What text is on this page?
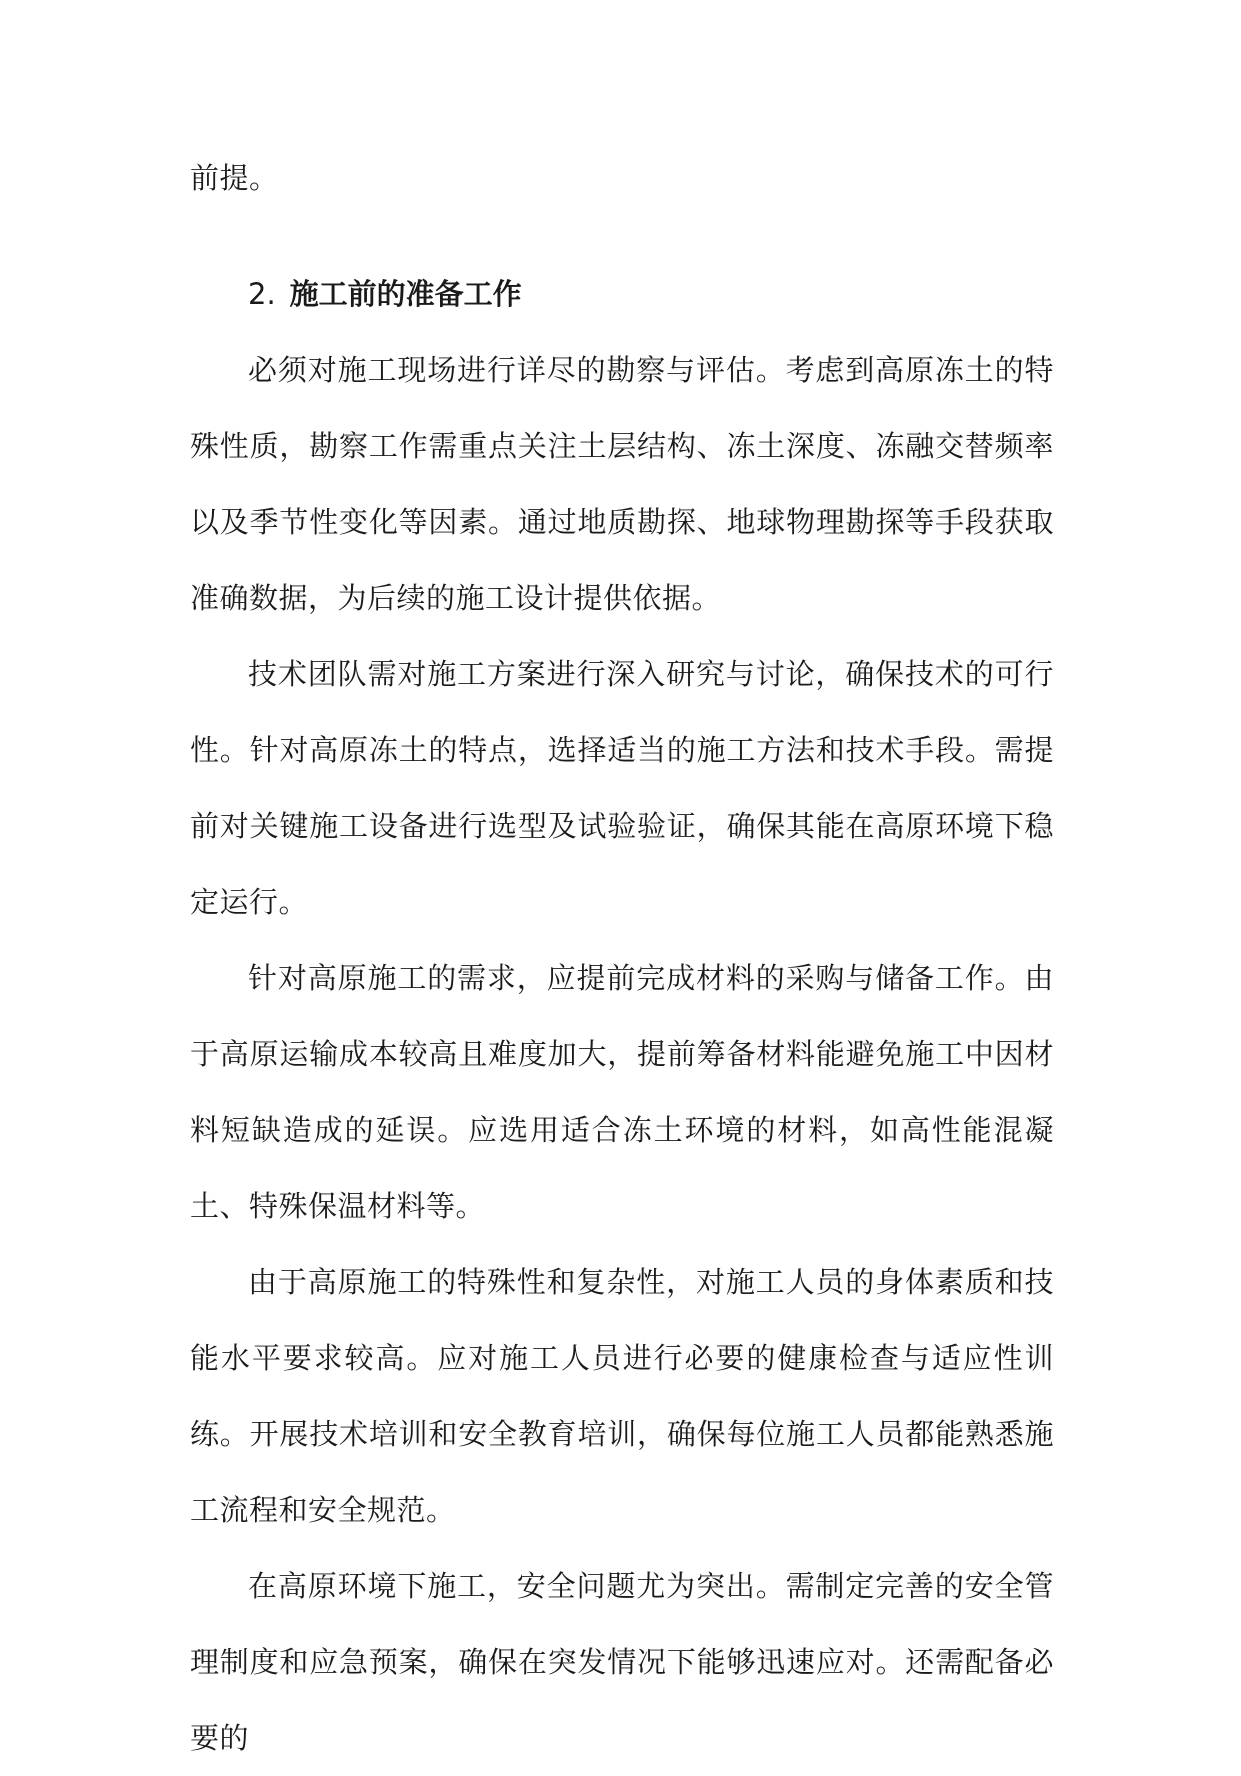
前提。

2. 施工前的准备工作

必须对施工现场进行详尽的勘察与评估。考虑到高原冻土的特殊性质，勘察工作需重点关注土层结构、冻土深度、冻融交替频率以及季节性变化等因素。通过地质勘探、地球物理勘探等手段获取准确数据，为后续的施工设计提供依据。

技术团队需对施工方案进行深入研究与讨论，确保技术的可行性。针对高原冻土的特点，选择适当的施工方法和技术手段。需提前对关键施工设备进行选型及试验验证，确保其能在高原环境下稳定运行。

针对高原施工的需求，应提前完成材料的采购与储备工作。由于高原运输成本较高且难度加大，提前筹备材料能避免施工中因材料短缺造成的延误。应选用适合冻土环境的材料，如高性能混凝土、特殊保温材料等。

由于高原施工的特殊性和复杂性，对施工人员的身体素质和技能水平要求较高。应对施工人员进行必要的健康检查与适应性训练。开展技术培训和安全教育培训，确保每位施工人员都能熟悉施工流程和安全规范。

在高原环境下施工，安全问题尤为突出。需制定完善的安全管理制度和应急预案，确保在突发情况下能够迅速应对。还需配备必要的
